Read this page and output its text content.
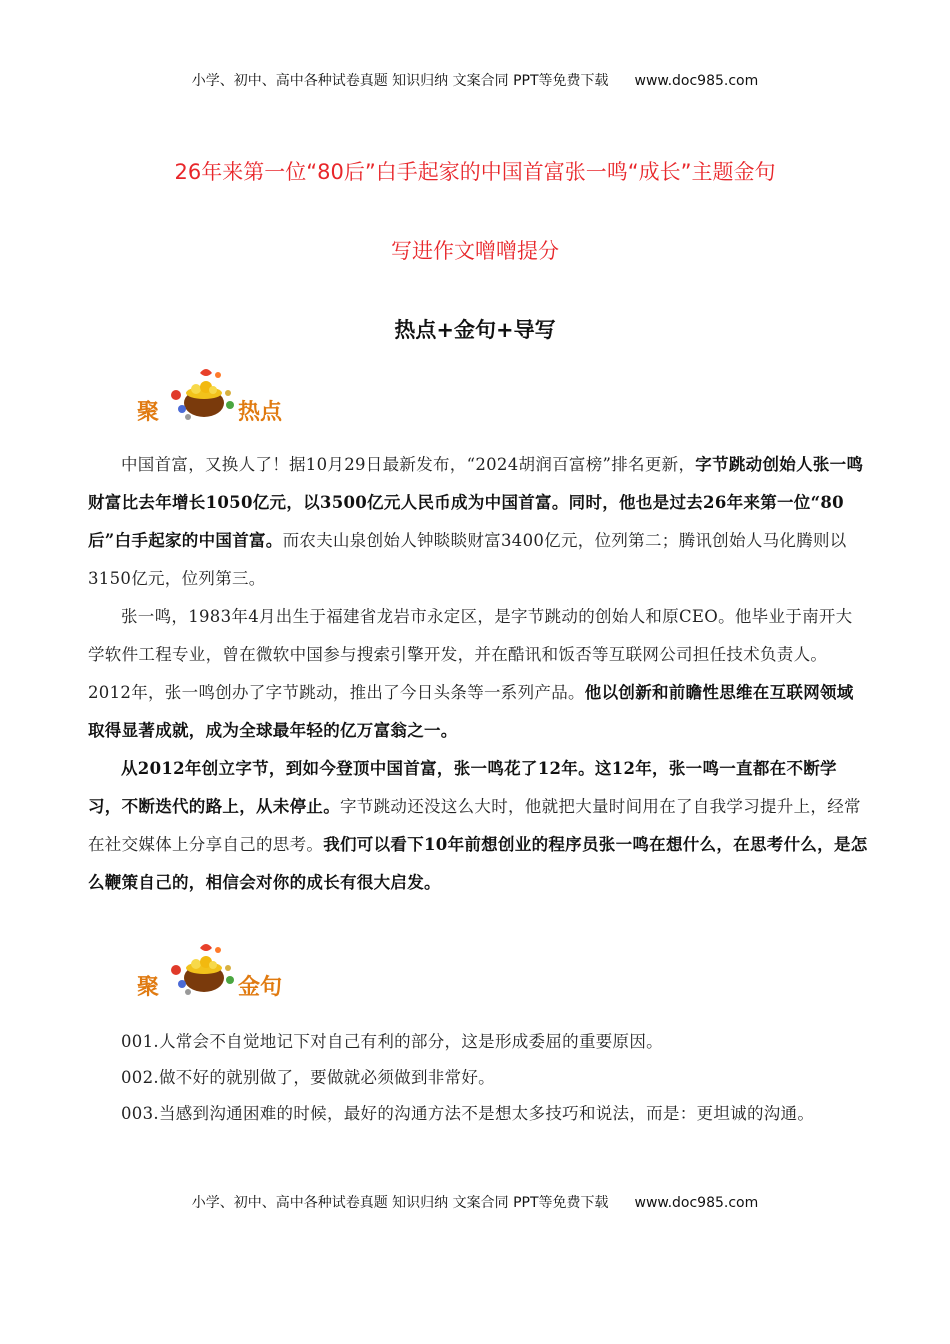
小学、初中、高中各种试卷真题 知识归纳 文案合同 PPT等免费下载 www.doc985.com
26年来第一位“80后”白手起家的中国首富张一鸣“成长”主题金句
写进作文噌噌提分
热点+金句+导写
聚	热点

中国首富，又换人了！据10月29日最新发布，“2024胡润百富榜”排名更新，字节跳动创始人张一鸣财富比去年增长1050亿元，以3500亿元人民币成为中国首富。同时，他也是过去26年来第一位“80后”白手起家的中国首富。而农夫山泉创始人钟睒睒财富3400亿元，位列第二；腾讯创始人马化腾则以3150亿元，位列第三。

张一鸣，1983年4月出生于福建省龙岩市永定区，是字节跳动的创始人和原CEO。他毕业于南开大学软件工程专业，曾在微软中国参与搜索引擎开发，并在酷讯和饭否等互联网公司担任技术负责人。2012年，张一鸣创办了字节跳动，推出了今日头条等一系列产品。他以创新和前瞻性思维在互联网领域取得显著成就，成为全球最年轻的亿万富翁之一。

从2012年创立字节，到如今登顶中国首富，张一鸣花了12年。这12年，张一鸣一直都在不断学习，不断迭代的路上，从未停止。字节跳动还没这么大时，他就把大量时间用在了自我学习提升上，经常在社交媒体上分享自己的思考。我们可以看下10年前想创业的程序员张一鸣在想什么，在思考什么，是怎么鞭策自己的，相信会对你的成长有很大启发。

聚	金句

001.人常会不自觉地记下对自己有利的部分，这是形成委屈的重要原因。

002.做不好的就别做了，要做就必须做到非常好。

003.当感到沟通困难的时候，最好的沟通方法不是想太多技巧和说法，而是：更坦诚的沟通。

小学、初中、高中各种试卷真题 知识归纳 文案合同 PPT等免费下载 www.doc985.com
